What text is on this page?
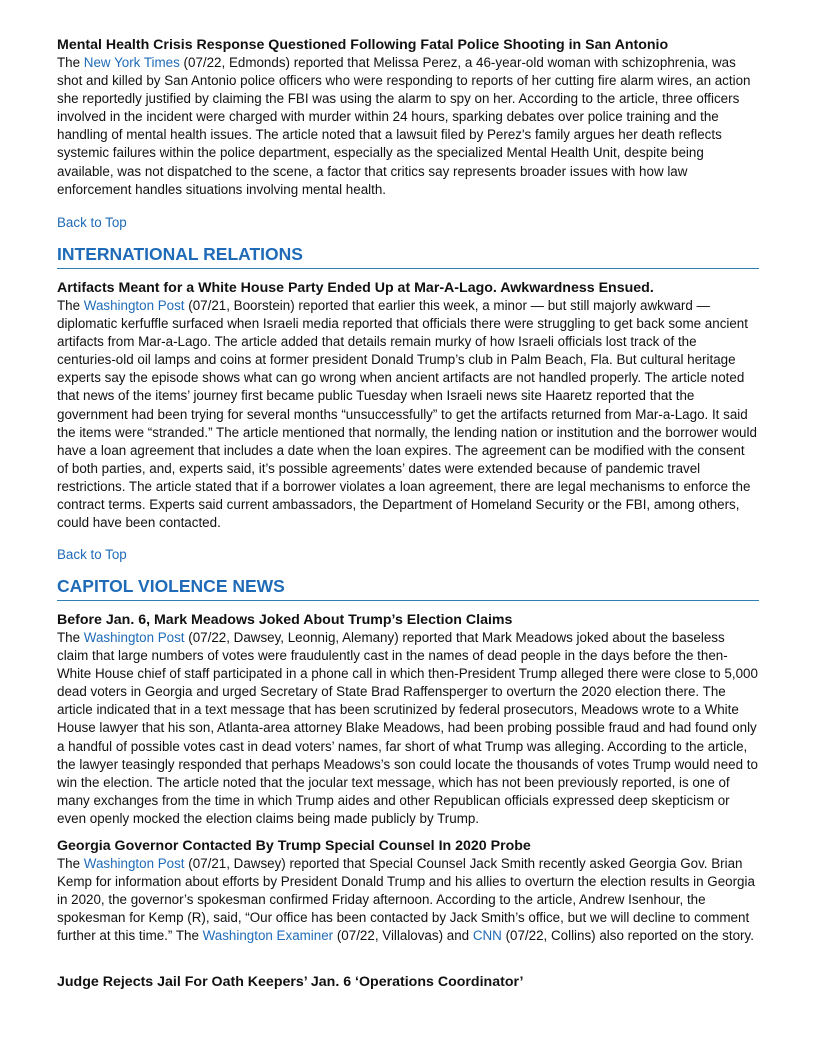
Mental Health Crisis Response Questioned Following Fatal Police Shooting in San Antonio

The New York Times (07/22, Edmonds) reported that Melissa Perez, a 46-year-old woman with schizophrenia, was shot and killed by San Antonio police officers who were responding to reports of her cutting fire alarm wires, an action she reportedly justified by claiming the FBI was using the alarm to spy on her. According to the article, three officers involved in the incident were charged with murder within 24 hours, sparking debates over police training and the handling of mental health issues. The article noted that a lawsuit filed by Perez's family argues her death reflects systemic failures within the police department, especially as the specialized Mental Health Unit, despite being available, was not dispatched to the scene, a factor that critics say represents broader issues with how law enforcement handles situations involving mental health.

Back to Top
INTERNATIONAL RELATIONS

Artifacts Meant for a White House Party Ended Up at Mar-A-Lago. Awkwardness Ensued.

The Washington Post (07/21, Boorstein) reported that earlier this week, a minor — but still majorly awkward — diplomatic kerfuffle surfaced when Israeli media reported that officials there were struggling to get back some ancient artifacts from Mar-a-Lago. The article added that details remain murky of how Israeli officials lost track of the centuries-old oil lamps and coins at former president Donald Trump’s club in Palm Beach, Fla. But cultural heritage experts say the episode shows what can go wrong when ancient artifacts are not handled properly. The article noted that news of the items’ journey first became public Tuesday when Israeli news site Haaretz reported that the government had been trying for several months “unsuccessfully” to get the artifacts returned from Mar-a-Lago. It said the items were “stranded.” The article mentioned that normally, the lending nation or institution and the borrower would have a loan agreement that includes a date when the loan expires. The agreement can be modified with the consent of both parties, and, experts said, it’s possible agreements’ dates were extended because of pandemic travel restrictions. The article stated that if a borrower violates a loan agreement, there are legal mechanisms to enforce the contract terms. Experts said current ambassadors, the Department of Homeland Security or the FBI, among others, could have been contacted.

Back to Top
CAPITOL VIOLENCE NEWS

Before Jan. 6, Mark Meadows Joked About Trump’s Election Claims

The Washington Post (07/22, Dawsey, Leonnig, Alemany) reported that Mark Meadows joked about the baseless claim that large numbers of votes were fraudulently cast in the names of dead people in the days before the then-White House chief of staff participated in a phone call in which then-President Trump alleged there were close to 5,000 dead voters in Georgia and urged Secretary of State Brad Raffensperger to overturn the 2020 election there. The article indicated that in a text message that has been scrutinized by federal prosecutors, Meadows wrote to a White House lawyer that his son, Atlanta-area attorney Blake Meadows, had been probing possible fraud and had found only a handful of possible votes cast in dead voters’ names, far short of what Trump was alleging. According to the article, the lawyer teasingly responded that perhaps Meadows’s son could locate the thousands of votes Trump would need to win the election. The article noted that the jocular text message, which has not been previously reported, is one of many exchanges from the time in which Trump aides and other Republican officials expressed deep skepticism or even openly mocked the election claims being made publicly by Trump.

Georgia Governor Contacted By Trump Special Counsel In 2020 Probe

The Washington Post (07/21, Dawsey) reported that Special Counsel Jack Smith recently asked Georgia Gov. Brian Kemp for information about efforts by President Donald Trump and his allies to overturn the election results in Georgia in 2020, the governor’s spokesman confirmed Friday afternoon. According to the article, Andrew Isenhour, the spokesman for Kemp (R), said, “Our office has been contacted by Jack Smith’s office, but we will decline to comment further at this time.” The Washington Examiner (07/22, Villalovas) and CNN (07/22, Collins) also reported on the story.

Judge Rejects Jail For Oath Keepers’ Jan. 6 ‘Operations Coordinator’
